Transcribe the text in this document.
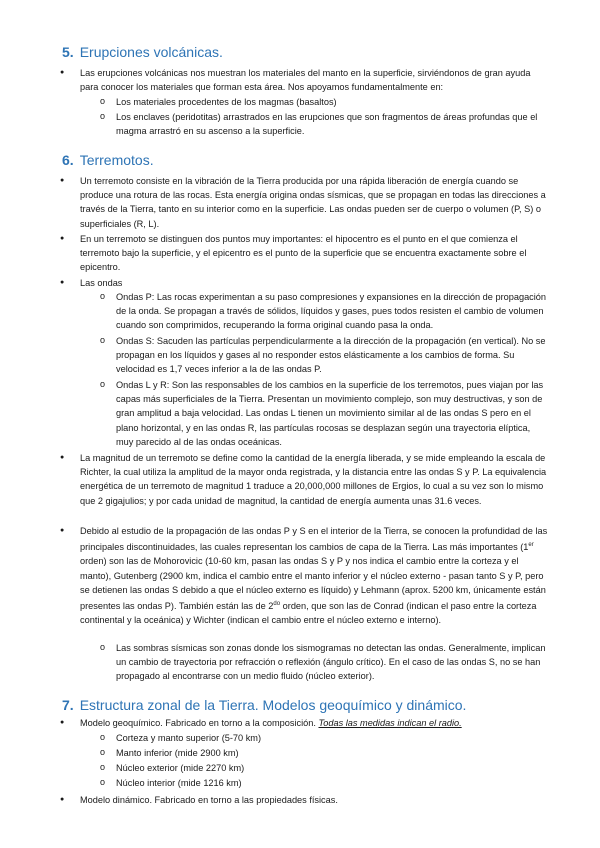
5. Erupciones volcánicas.
● Las erupciones volcánicas nos muestran los materiales del manto en la superficie, sirviéndonos de gran ayuda para conocer los materiales que forman esta área. Nos apoyamos fundamentalmente en:
o Los materiales procedentes de los magmas (basaltos)
o Los enclaves (peridotitas) arrastrados en las erupciones que son fragmentos de áreas profundas que el magma arrastró en su ascenso a la superficie.
6. Terremotos.
● Un terremoto consiste en la vibración de la Tierra producida por una rápida liberación de energía cuando se produce una rotura de las rocas. Esta energía origina ondas sísmicas, que se propagan en todas las direcciones a través de la Tierra, tanto en su interior como en la superficie. Las ondas pueden ser de cuerpo o volumen (P, S) o superficiales (R, L).
● En un terremoto se distinguen dos puntos muy importantes: el hipocentro es el punto en el que comienza el terremoto bajo la superficie, y el epicentro es el punto de la superficie que se encuentra exactamente sobre el epicentro.
● Las ondas
o Ondas P: Las rocas experimentan a su paso compresiones y expansiones en la dirección de propagación de la onda. Se propagan a través de sólidos, líquidos y gases, pues todos resisten el cambio de volumen cuando son comprimidos, recuperando la forma original cuando pasa la onda.
o Ondas S: Sacuden las partículas perpendicularmente a la dirección de la propagación (en vertical). No se propagan en los líquidos y gases al no responder estos elásticamente a los cambios de forma. Su velocidad es 1,7 veces inferior a la de las ondas P.
o Ondas L y R: Son las responsables de los cambios en la superficie de los terremotos, pues viajan por las capas más superficiales de la Tierra. Presentan un movimiento complejo, son muy destructivas, y son de gran amplitud a baja velocidad. Las ondas L tienen un movimiento similar al de las ondas S pero en el plano horizontal, y en las ondas R, las partículas rocosas se desplazan según una trayectoria elíptica, muy parecido al de las ondas oceánicas.
● La magnitud de un terremoto se define como la cantidad de la energía liberada, y se mide empleando la escala de Richter, la cual utiliza la amplitud de la mayor onda registrada, y la distancia entre las ondas S y P. La equivalencia energética de un terremoto de magnitud 1 traduce a 20,000,000 millones de Ergios, lo cual a su vez son lo mismo que 2 gigajulios; y por cada unidad de magnitud, la cantidad de energía aumenta unas 31.6 veces.
● Debido al estudio de la propagación de las ondas P y S en el interior de la Tierra, se conocen la profundidad de las principales discontinuidades, las cuales representan los cambios de capa de la Tierra. Las más importantes (1er orden) son las de Mohorovicic (10-60 km, pasan las ondas S y P y nos indica el cambio entre la corteza y el manto), Gutenberg (2900 km, indica el cambio entre el manto inferior y el núcleo externo - pasan tanto S y P, pero se detienen las ondas S debido a que el núcleo externo es líquido) y Lehmann (aprox. 5200 km, únicamente están presentes las ondas P). También están las de $2^{do}$ orden, que son las de Conrad (indican el paso entre la corteza continental y la oceánica) y Wichter (indican el cambio entre el núcleo externo e interno).
o Las sombras sísmicas son zonas donde los sismogramas no detectan las ondas. Generalmente, implican un cambio de trayectoria por refracción o reflexión (ángulo crítico). En el caso de las ondas S, no se han propagado al encontrarse con un medio fluido (núcleo exterior).
7. Estructura zonal de la Tierra. Modelos geoquímico y dinámico.
● Modelo geoquímico. Fabricado en torno a la composición. Todas las medidas indican el radio.
o Corteza y manto superior (5-70 km)
o Manto inferior (mide 2900 km)
o Núcleo exterior (mide 2270 km)
o Núcleo interior (mide 1216 km)
● Modelo dinámico. Fabricado en torno a las propiedades físicas.
